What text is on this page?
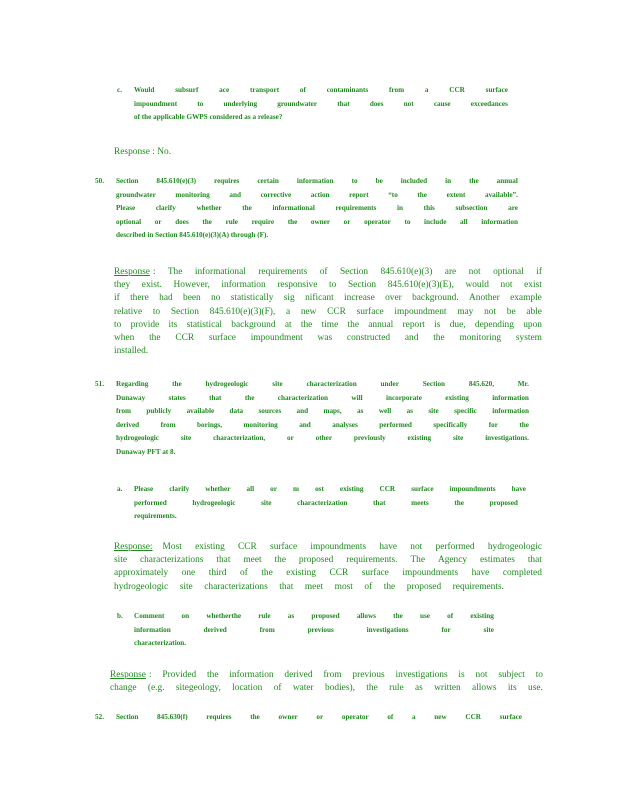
c. Would	subsurf	ace	transport	of	contaminants	from	a	CCR	surface
impoundment	to	underlying	groundwater	that	does	not	cause	exceedances
of the applicable GWPS considered as a release?
Response : No.
50. Section 845.610(e)(3) requires certain information to be included in the annual
groundwater	monitoring	and	corrective	action	report	“to	the	extent	available”.
Please	clarify	whether	the	informational	requirements	in	this	subsection	are
optional or does the rule require the owner or operator to include all information
described in Section 845.610(e)(3)(A) through (F).
Response : The informational requirements of Section 845.610(e)(3) are not optional if
they exist. However, information responsive to Section 845.610(e)(3)(E), would not exist
if there had been no statistically sig nificant increase over background. Another example
relative to Section 845.610(e)(3)(F), a new CCR surface impoundment may not be able
to provide its statistical background at the time the annual report is due, depending upon
when the CCR surface impoundment was constructed and the monitoring system
installed.
51. Regarding	the	hydrogeologic	site	characterization	under	Section	845.620,	Mr.
Dunaway	states	that	the	characterization	will	incorporate	existing	information
from publicly available data sources and maps, as well as site specific information
derived	from	borings,	monitoring	and	analyses	performed	specifically	for	the
hydrogeologic	site	characterization,	or	other	previously	existing	site	investigations.
Dunaway PFT at 8.
a. Please clarify whether all or m ost existing CCR surface impoundments have
performed	hydrogeologic	site	characterization	that	meets	the	proposed
requirements.
Response: Most existing CCR surface impoundments have not performed hydrogeologic
site characterizations that meet the proposed requirements. The Agency estimates that
approximately one third of the existing CCR surface impoundments have completed
hydrogeologic site characterizations that meet most of the proposed requirements.
b. Comment on whetherthe rule as proposed allows the use of existing
information	derived	from	previous	investigations	for	site
characterization.
Response : Provided the information derived from previous investigations is not subject to
change (e.g. sitegeology, location of water bodies), the rule as written allows its use.
52. Section	845.630(f)	requires	the	owner	or	operator	of	a	new	CCR	surface
